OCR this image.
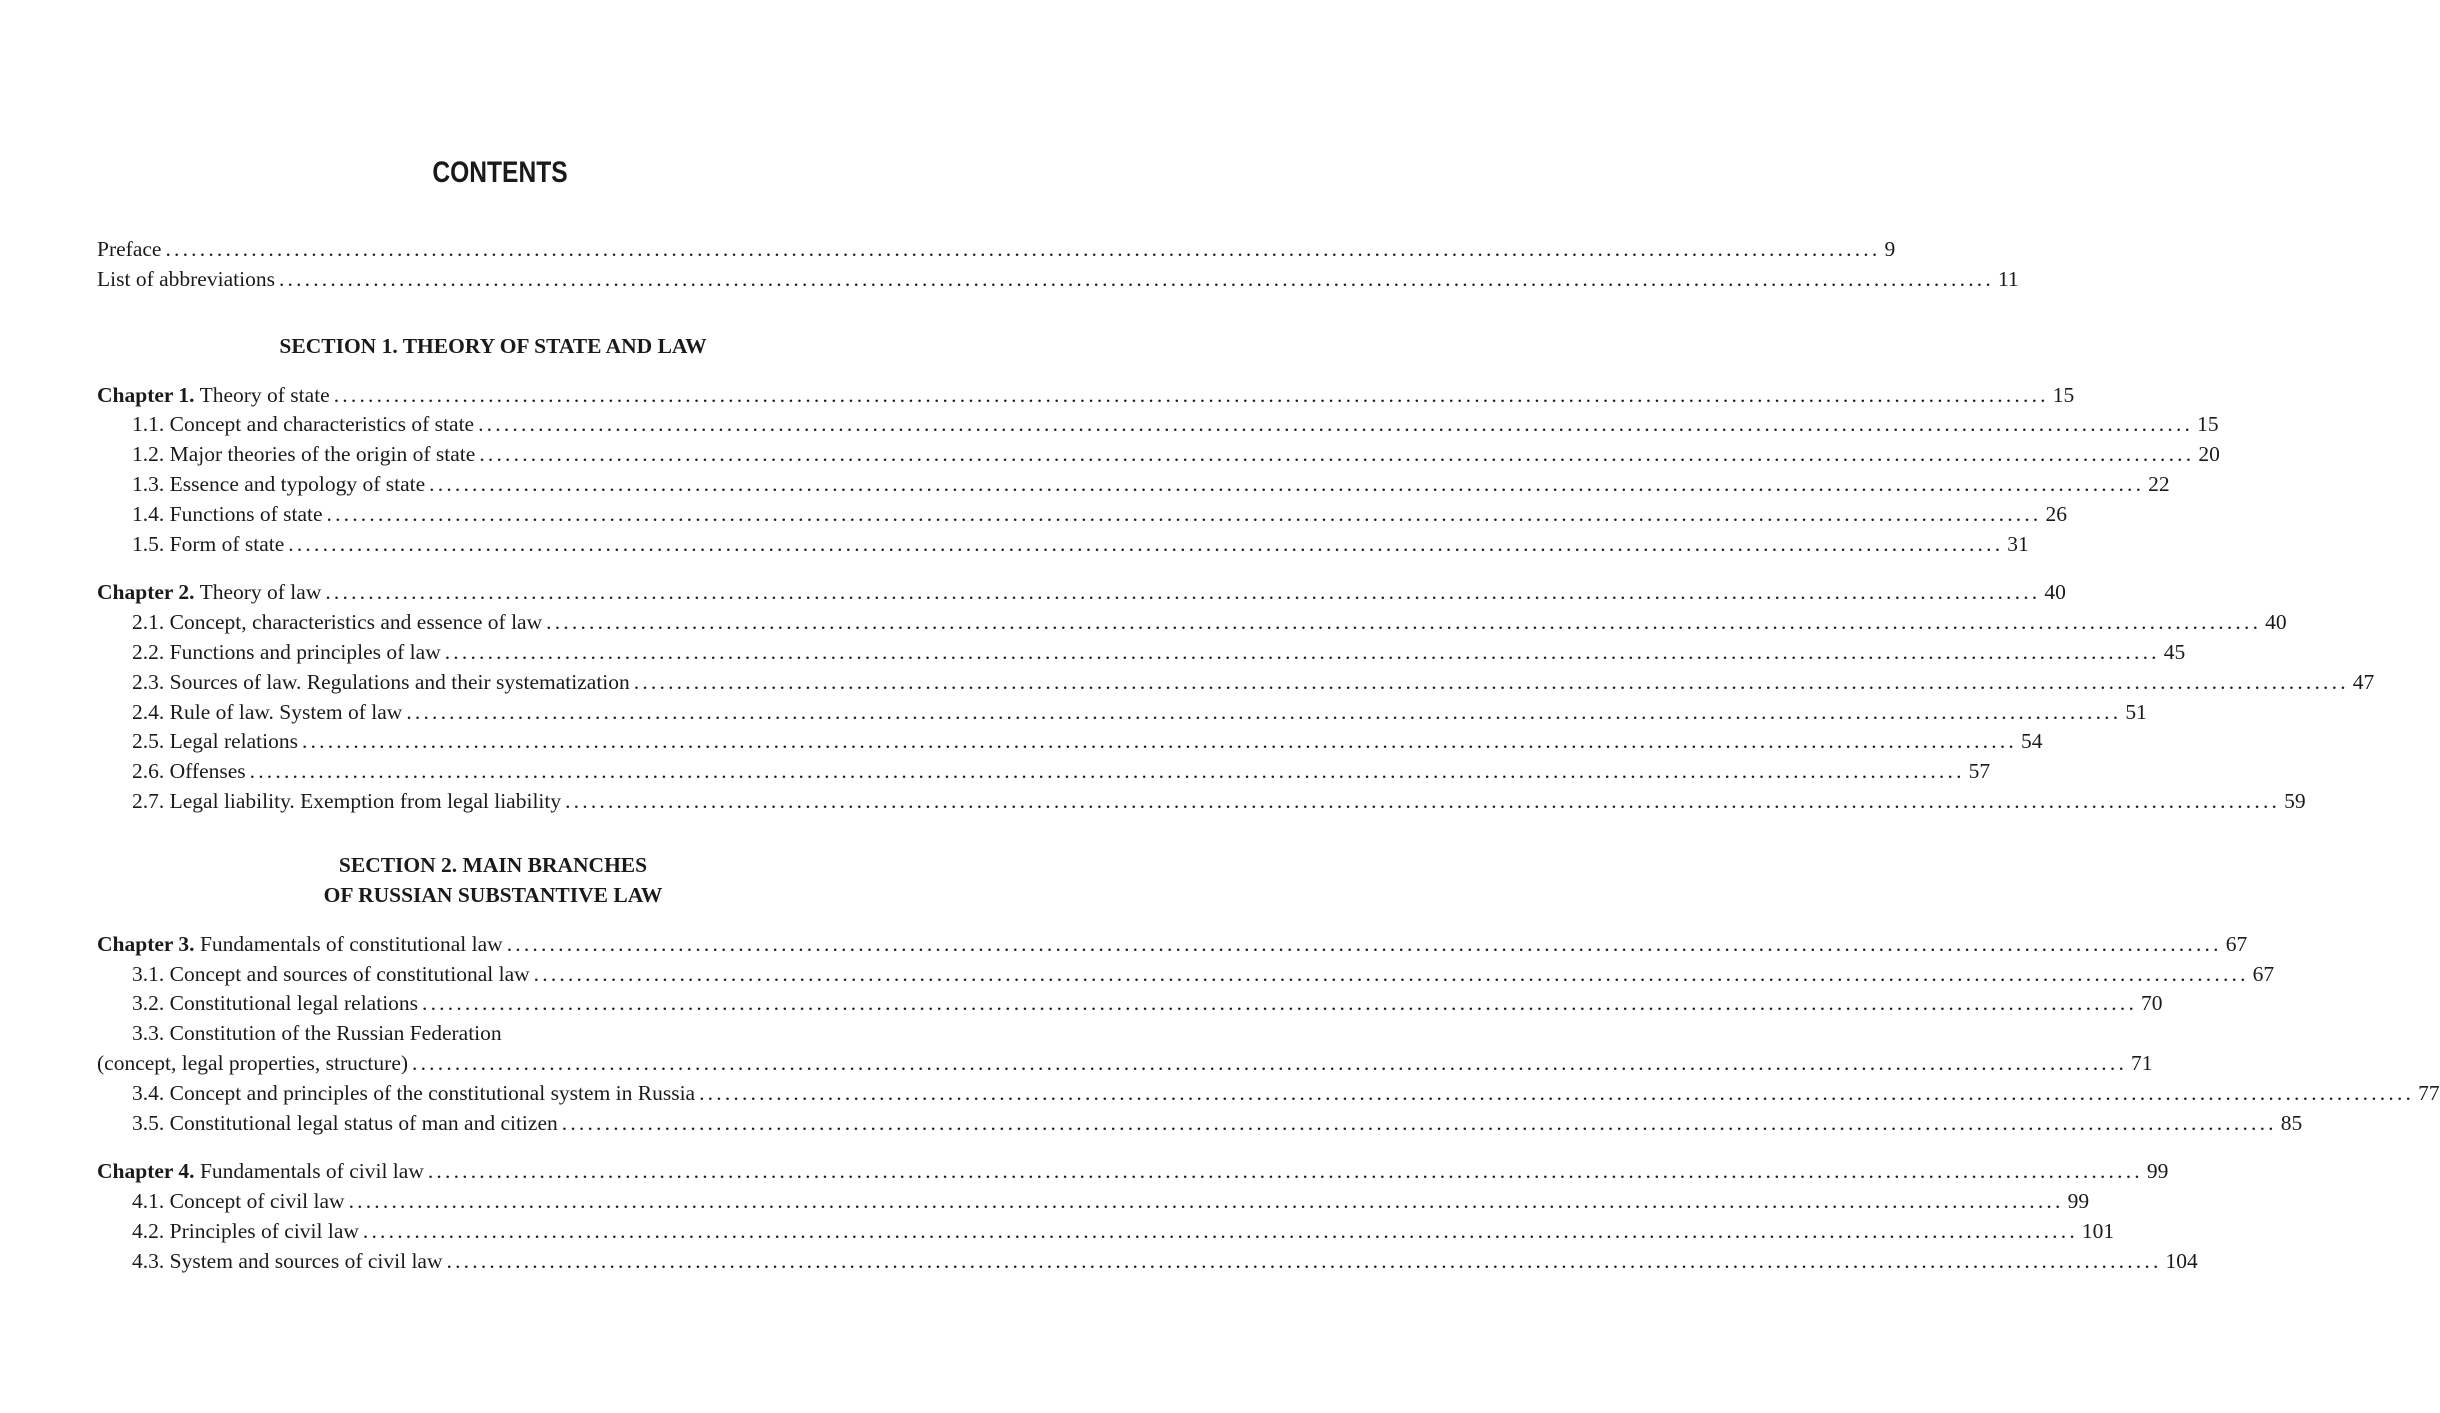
CONTENTS
Preface ........................................................................................................................................................................................................ 9
List of abbreviations ........................................................................................................................................................................................................ 11
SECTION 1. THEORY OF STATE AND LAW
Chapter 1. Theory of state ........................................................................................................................................................................................................ 15
1.1. Concept and characteristics of state ........................................................................................................................................................................................................ 15
1.2. Major theories of the origin of state ........................................................................................................................................................................................................ 20
1.3. Essence and typology of state ........................................................................................................................................................................................................ 22
1.4. Functions of state ........................................................................................................................................................................................................ 26
1.5. Form of state ........................................................................................................................................................................................................ 31
Chapter 2. Theory of law ........................................................................................................................................................................................................ 40
2.1. Concept, characteristics and essence of law ........................................................................................................................................................................................................ 40
2.2. Functions and principles of law ........................................................................................................................................................................................................ 45
2.3. Sources of law. Regulations and their systematization ........................................................................................................................................................................................................ 47
2.4. Rule of law. System of law ........................................................................................................................................................................................................ 51
2.5. Legal relations ........................................................................................................................................................................................................ 54
2.6. Offenses ........................................................................................................................................................................................................ 57
2.7. Legal liability. Exemption from legal liability ........................................................................................................................................................................................................ 59
SECTION 2. MAIN BRANCHES
OF RUSSIAN SUBSTANTIVE LAW
Chapter 3. Fundamentals of constitutional law ........................................................................................................................................................................................................ 67
3.1. Concept and sources of constitutional law ........................................................................................................................................................................................................ 67
3.2. Constitutional legal relations ........................................................................................................................................................................................................ 70
3.3. Constitution of the Russian Federation
(concept, legal properties, structure) ........................................................................................................................................................................................................ 71
3.4. Concept and principles of the constitutional system in Russia ........................................................................................................................................................................................................ 77
3.5. Constitutional legal status of man and citizen ........................................................................................................................................................................................................ 85
Chapter 4. Fundamentals of civil law ........................................................................................................................................................................................................ 99
4.1. Concept of civil law ........................................................................................................................................................................................................ 99
4.2. Principles of civil law ........................................................................................................................................................................................................ 101
4.3. System and sources of civil law ........................................................................................................................................................................................................ 104
